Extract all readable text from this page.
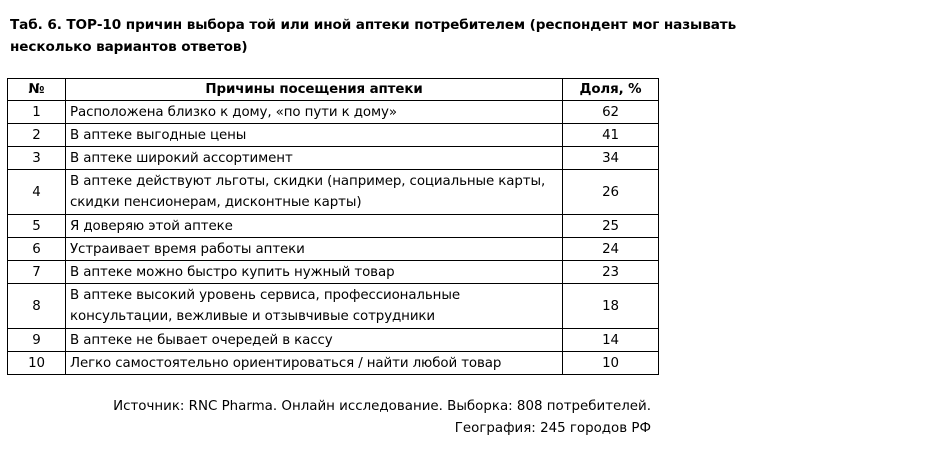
Таб. 6. ТОР-10 причин выбора той или иной аптеки потребителем (респондент мог называть несколько вариантов ответов)
№	Причины посещения аптеки	Доля, %
1	Расположена близко к дому, «по пути к дому»	62
2	В аптеке выгодные цены	41
3	В аптеке широкий ассортимент	34
4	В аптеке действуют льготы, скидки (например, социальные карты, скидки пенсионерам, дисконтные карты)	26
5	Я доверяю этой аптеке	25
6	Устраивает время работы аптеки	24
7	В аптеке можно быстро купить нужный товар	23
8	В аптеке высокий уровень сервиса, профессиональные консультации, вежливые и отзывчивые сотрудники	18
9	В аптеке не бывает очередей в кассу	14
10	Легко самостоятельно ориентироваться / найти любой товар	10
Источник: RNC Pharma. Онлайн исследование. Выборка: 808 потребителей.
География: 245 городов РФ
